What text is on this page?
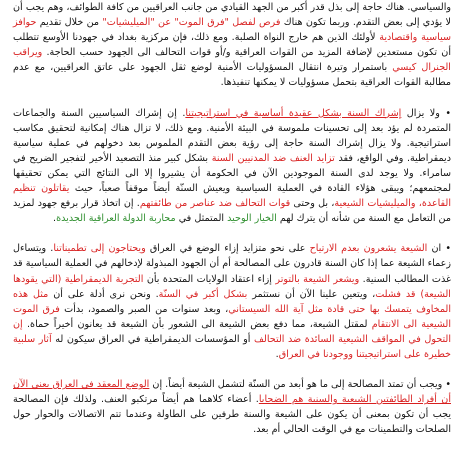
والسياسي. هناك حاجة إلى بذل قدر أكبر من الجهد القيادي من جانب العراقيين من كافة الطوائف، وهم يجب أن لا يؤدي إلى بعض التقدم. وربما تكون هناك فرص لفصل "فرق الموت" عن "الميليشيات" من خلال تقديم حوافز سياسية واقتصادية لأولئك الذين هم خارج النواة الصلبة. ومع ذلك، فإن مركزية بغداد في جهودنا الأوسع تتطلب أن تكون مستعدين لإضافة المزيد من القوات العراقية و/أو قوات التحالف الى الجهود حسب الحاجة. ويراقب الجنرال كيسي باستمرار وتيرة انتقال المسؤوليات الأمنية لوضع ثقل الجهود على عاتق العراقيين، مع عدم مطالبة القوات العراقية بتحمل مسؤوليات لا يمكنها تنفيذها.

• ولا يزال إشراك السنة بشكل عقيدة أساسية في استراتيجيتنا. إن إشراك السياسيين السنة والجماعات المتمردة لم يؤد بعد إلى تحسينات ملموسة في البيئة الأمنية. ومع ذلك، لا تزال هناك إمكانية لتحقيق مكاسب استراتيجية. ولا يزال إشراك السنة حاجة إلى رؤية بعض التقدم الملموس بعد دخولهم في عملية سياسية ديمقراطية. وفي الواقع، فقد تزايد العنف ضد المدنيين السنة بشكل كبير منذ التصعيد الأخير لتفجير الضريح في سامراء. ولا يوجد لدى السنة الموجودين الآن في الحكومة أن يشيروا إلا الى النتائج التي يمكن تحقيقها لمجتمعهم؛ ويبقى هؤلاء القادة في العملية السياسية ويعيش السنّة أيضاً موقفاً صعباً، حيث يقاتلون تنظيم القاعدة، والميليشيات الشيعية، بل وحتى قوات التحالف ضد عناصر من طائفتهم. إن اتخاذ قرار برفع جهود لمزيد من التعامل مع السنة من شأنه أن يترك لهم الخيار الوحيد المتمثل في محاربة الدولة العراقية الجديدة.

• ان الشيعة يشعرون بعدم الارتياح على نحو متزايد إزاء الوضع في العراق ويحتاجون إلى تطميناتنا. ويتساءل زعماء الشيعة عما إذا كان السنة قادرون على المصالحة أم أن الجهود المبذولة لإدخالهم في العملية السياسية قد غذت المطالب السنية. ويشعر الشيعة بالتوتر إزاء اعتقاد الولايات المتحدة بأن التجربة الديمقراطية (التي يقودها الشيعة) قد فشلت، ويتعين علينا الآن أن نستثمر بشكل أكبر في السنّة. ونحن نرى أدلة على أن مثل هذه المخاوف يتمسك بها حتى قادة مثل آية الله السيستاني، وبعد سنوات من الصبر والصمود، بدأت فرق الموت الشيعية الى الانتقام لمقتل الشيعة، مما دفع بعض الشيعة الى الشعور بأن الشيعة قد يعانون أخيراً حماة. إن التحول في المواقف الشيعية السائدة ضد التحالف أو المؤسسات الديمقراطية في العراق سيكون له آثار سلبية خطيرة على استراتيجيتنا ووجودنا في العراق.

• ويجب أن تمتد المصالحة إلى ما هو أبعد من السنّة لتشمل الشيعة أيضاً. إن الوضع المعقد في العراق يعني الآن أن أفراد الطائفتين الشيعية والسنية هم الضحايا. أعضاء كلاهما هم أيضاً مرتكبو العنف. ولذلك فإن المصالحة يجب أن تكون بمعنى أن يكون على الشيعة والسنة طرفين على الطاولة وعندما تتم الاتصالات والحوار حول الصلحات والتطمينات مع في الوقت الحالي أم بعد.
